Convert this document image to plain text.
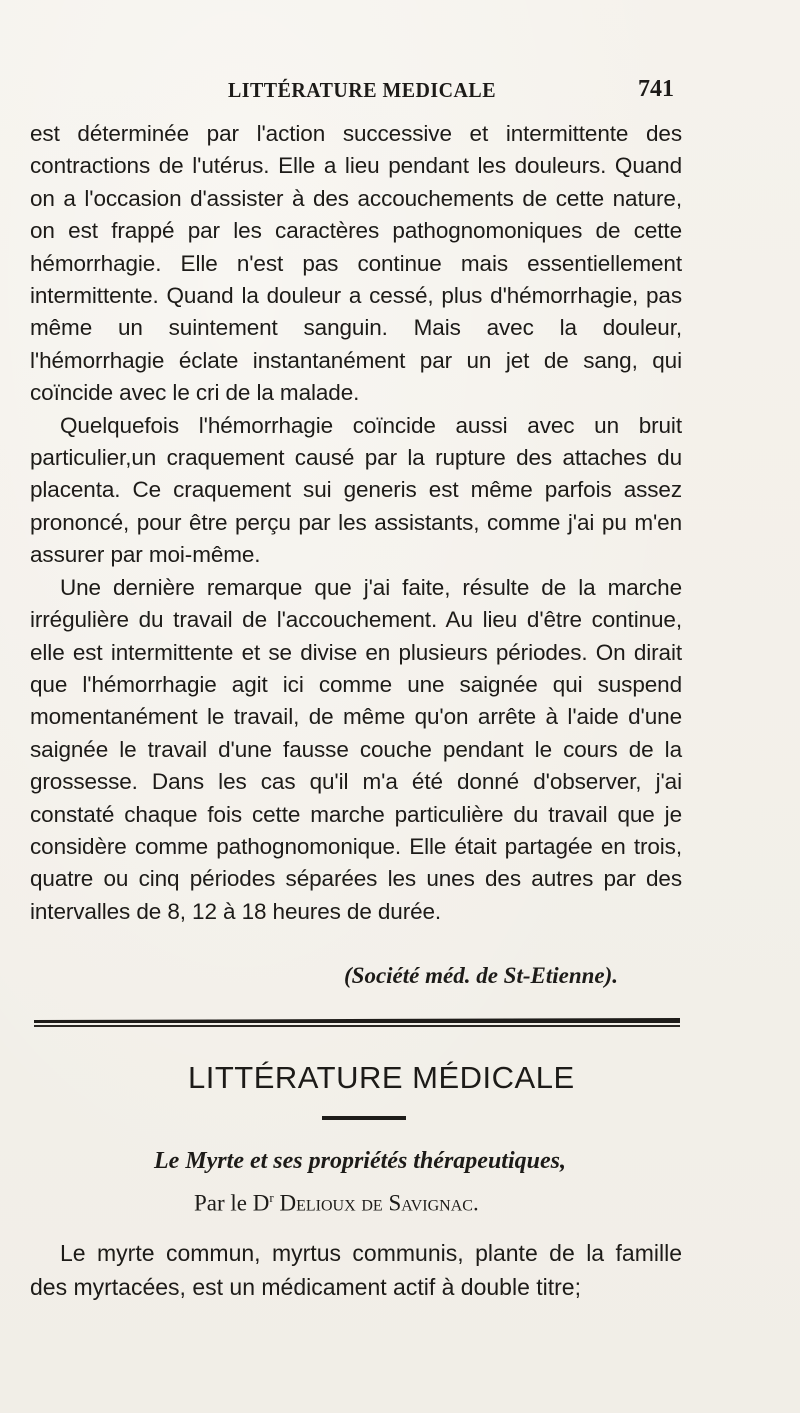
LITTÉRATURE MEDICALE	741

est déterminée par l'action successive et intermittente des contractions de l'utérus. Elle a lieu pendant les douleurs. Quand on a l'occasion d'assister à des accouchements de cette nature, on est frappé par les caractères pathognomoniques de cette hémorrhagie. Elle n'est pas continue mais essentiellement intermittente. Quand la douleur a cessé, plus d'hémorrhagie, pas même un suintement sanguin. Mais avec la douleur, l'hémorrhagie éclate instantanément par un jet de sang, qui coïncide avec le cri de la malade.

Quelquefois l'hémorrhagie coïncide aussi avec un bruit particulier,un craquement causé par la rupture des attaches du placenta. Ce craquement sui generis est même parfois assez prononcé, pour être perçu par les assistants, comme j'ai pu m'en assurer par moi-même.

Une dernière remarque que j'ai faite, résulte de la marche irrégulière du travail de l'accouchement. Au lieu d'être continue, elle est intermittente et se divise en plusieurs périodes. On dirait que l'hémorrhagie agit ici comme une saignée qui suspend momentanément le travail, de même qu'on arrête à l'aide d'une saignée le travail d'une fausse couche pendant le cours de la grossesse. Dans les cas qu'il m'a été donné d'observer, j'ai constaté chaque fois cette marche particulière du travail que je considère comme pathognomonique. Elle était partagée en trois, quatre ou cinq périodes séparées les unes des autres par des intervalles de 8, 12 à 18 heures de durée.

(Société méd. de St-Etienne).
LITTÉRATURE MÉDICALE
Le Myrte et ses propriétés thérapeutiques,
Par le $D^r$ Delioux de Savignac.

Le myrte commun, myrtus communis, plante de la famille des myrtacées, est un médicament actif à double titre;
